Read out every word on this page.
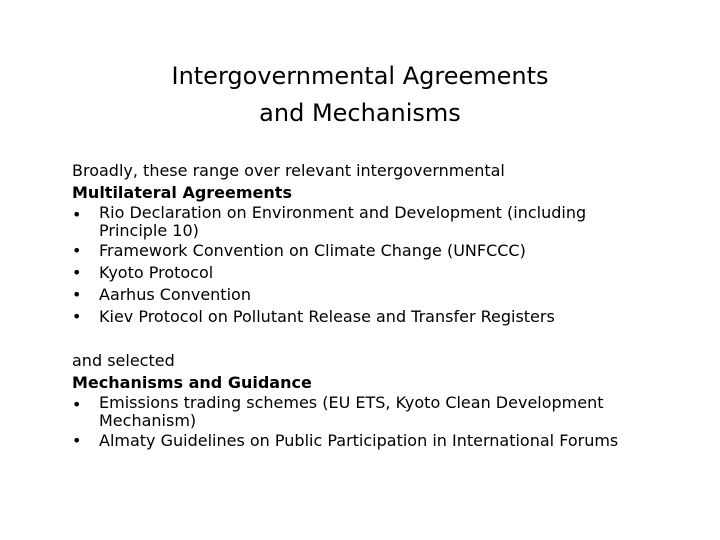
Intergovernmental Agreements
and Mechanisms

Broadly, these range over relevant intergovernmental

Multilateral Agreements

• Rio Declaration on Environment and Development (including
Principle 10)
• Framework Convention on Climate Change (UNFCCC)
• Kyoto Protocol
• Aarhus Convention
• Kiev Protocol on Pollutant Release and Transfer Registers

and selected

Mechanisms and Guidance

• Emissions trading schemes (EU ETS, Kyoto Clean Development
Mechanism)
• Almaty Guidelines on Public Participation in International Forums
